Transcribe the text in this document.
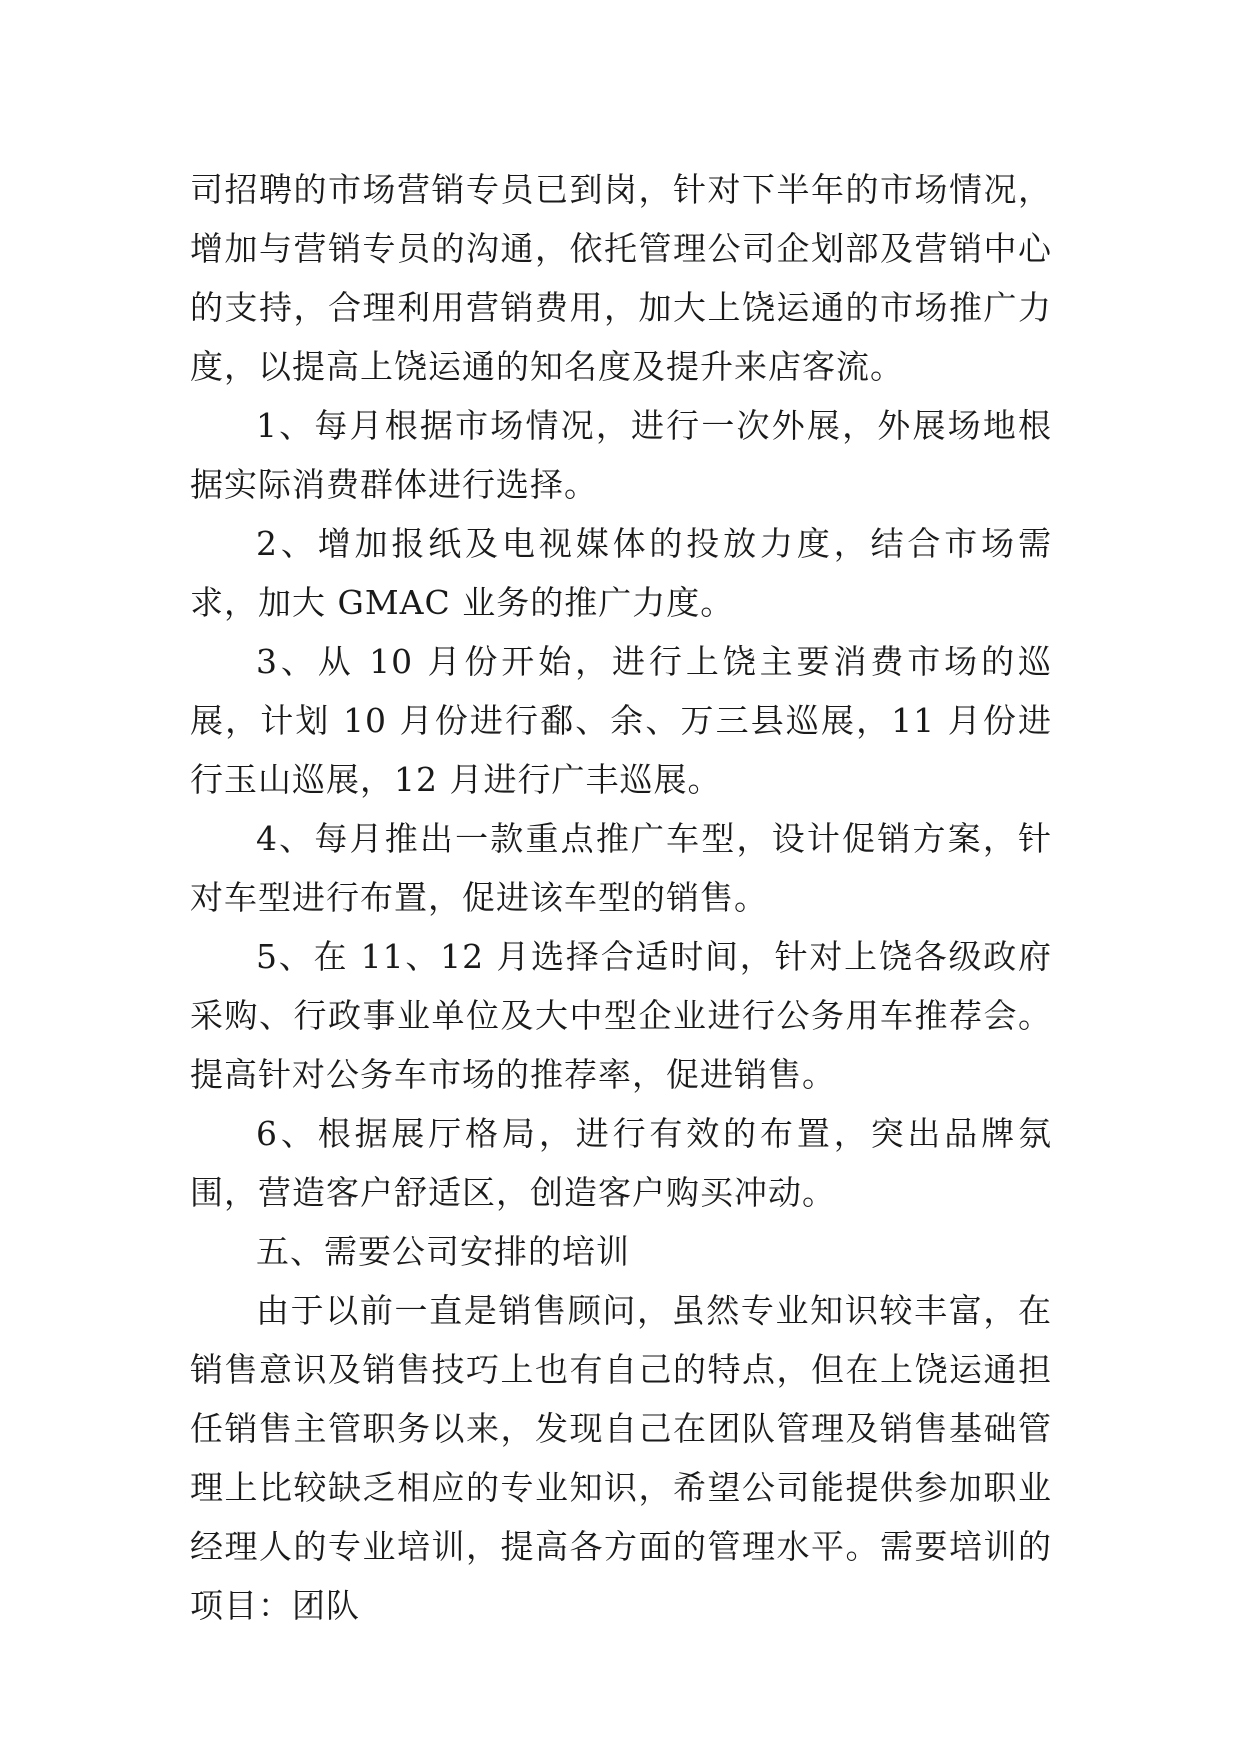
司招聘的市场营销专员已到岗，针对下半年的市场情况，增加与营销专员的沟通，依托管理公司企划部及营销中心的支持，合理利用营销费用，加大上饶运通的市场推广力度，以提高上饶运通的知名度及提升来店客流。

1、每月根据市场情况，进行一次外展，外展场地根据实际消费群体进行选择。

2、增加报纸及电视媒体的投放力度，结合市场需求，加大 GMAC 业务的推广力度。

3、从 10 月份开始，进行上饶主要消费市场的巡展，计划 10 月份进行鄱、余、万三县巡展，11 月份进行玉山巡展，12 月进行广丰巡展。

4、每月推出一款重点推广车型，设计促销方案，针对车型进行布置，促进该车型的销售。

5、在 11、12 月选择合适时间，针对上饶各级政府采购、行政事业单位及大中型企业进行公务用车推荐会。提高针对公务车市场的推荐率，促进销售。

6、根据展厅格局，进行有效的布置，突出品牌氛围，营造客户舒适区，创造客户购买冲动。

五、需要公司安排的培训

由于以前一直是销售顾问，虽然专业知识较丰富，在销售意识及销售技巧上也有自己的特点，但在上饶运通担任销售主管职务以来，发现自己在团队管理及销售基础管理上比较缺乏相应的专业知识，希望公司能提供参加职业经理人的专业培训，提高各方面的管理水平。需要培训的项目：团队
